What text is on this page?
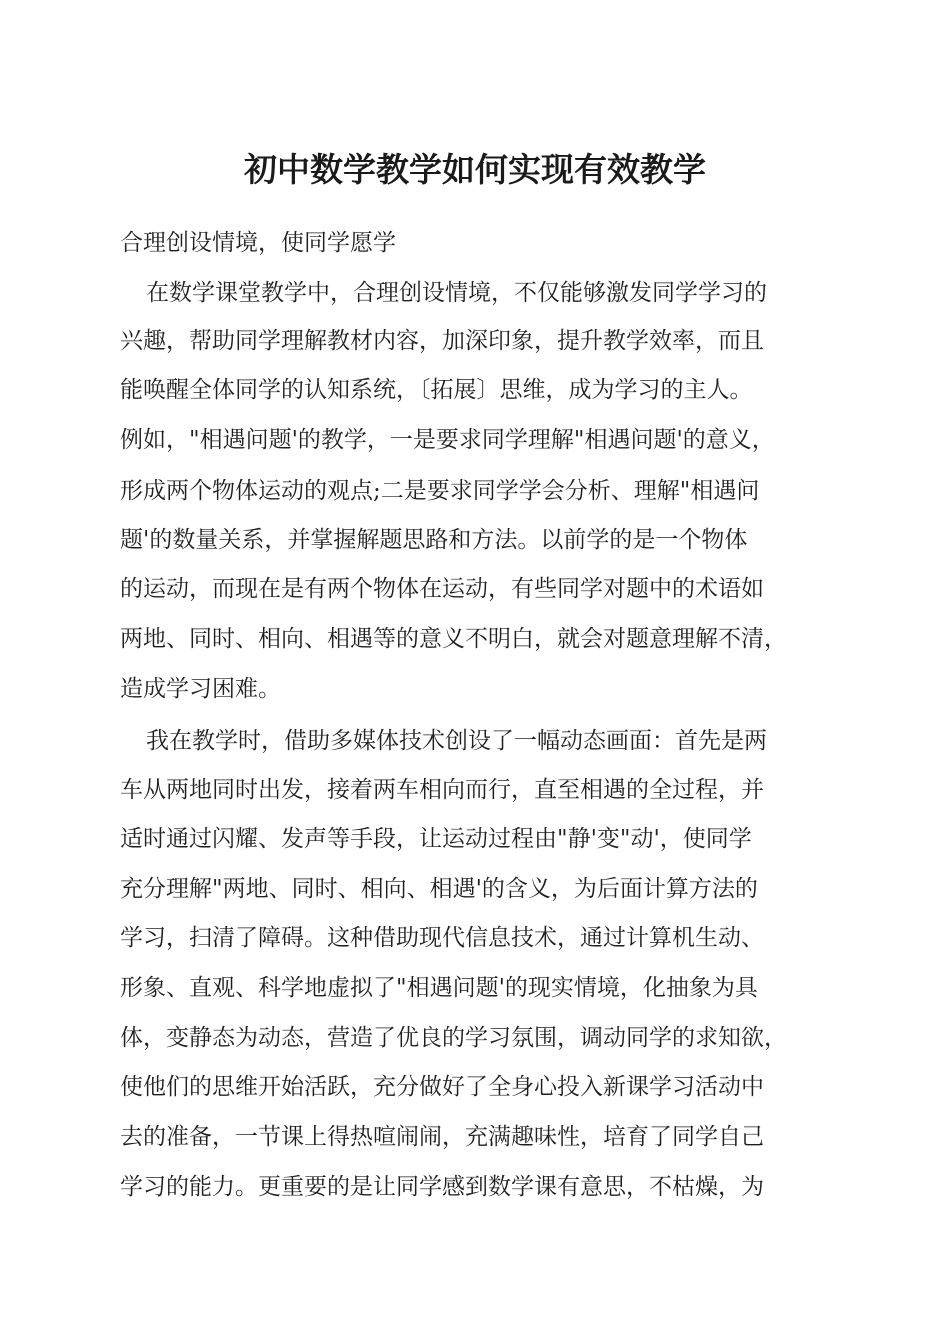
初中数学教学如何实现有效教学

合理创设情境，使同学愿学

在数学课堂教学中，合理创设情境，不仅能够激发同学学习的

兴趣，帮助同学理解教材内容，加深印象，提升教学效率，而且

能唤醒全体同学的认知系统，〔拓展〕思维，成为学习的主人。

例如，"相遇问题'的教学，一是要求同学理解"相遇问题'的意义，

形成两个物体运动的观点;二是要求同学学会分析、理解"相遇问

题'的数量关系，并掌握解题思路和方法。以前学的是一个物体

的运动，而现在是有两个物体在运动，有些同学对题中的术语如

两地、同时、相向、相遇等的意义不明白，就会对题意理解不清，

造成学习困难。

我在教学时，借助多媒体技术创设了一幅动态画面：首先是两

车从两地同时出发，接着两车相向而行，直至相遇的全过程，并

适时通过闪耀、发声等手段，让运动过程由"静'变"动'，使同学

充分理解"两地、同时、相向、相遇'的含义，为后面计算方法的

学习，扫清了障碍。这种借助现代信息技术，通过计算机生动、

形象、直观、科学地虚拟了"相遇问题'的现实情境，化抽象为具

体，变静态为动态，营造了优良的学习氛围，调动同学的求知欲，

使他们的思维开始活跃，充分做好了全身心投入新课学习活动中

去的准备，一节课上得热喧闹闹，充满趣味性，培育了同学自己

学习的能力。更重要的是让同学感到数学课有意思，不枯燥，为
